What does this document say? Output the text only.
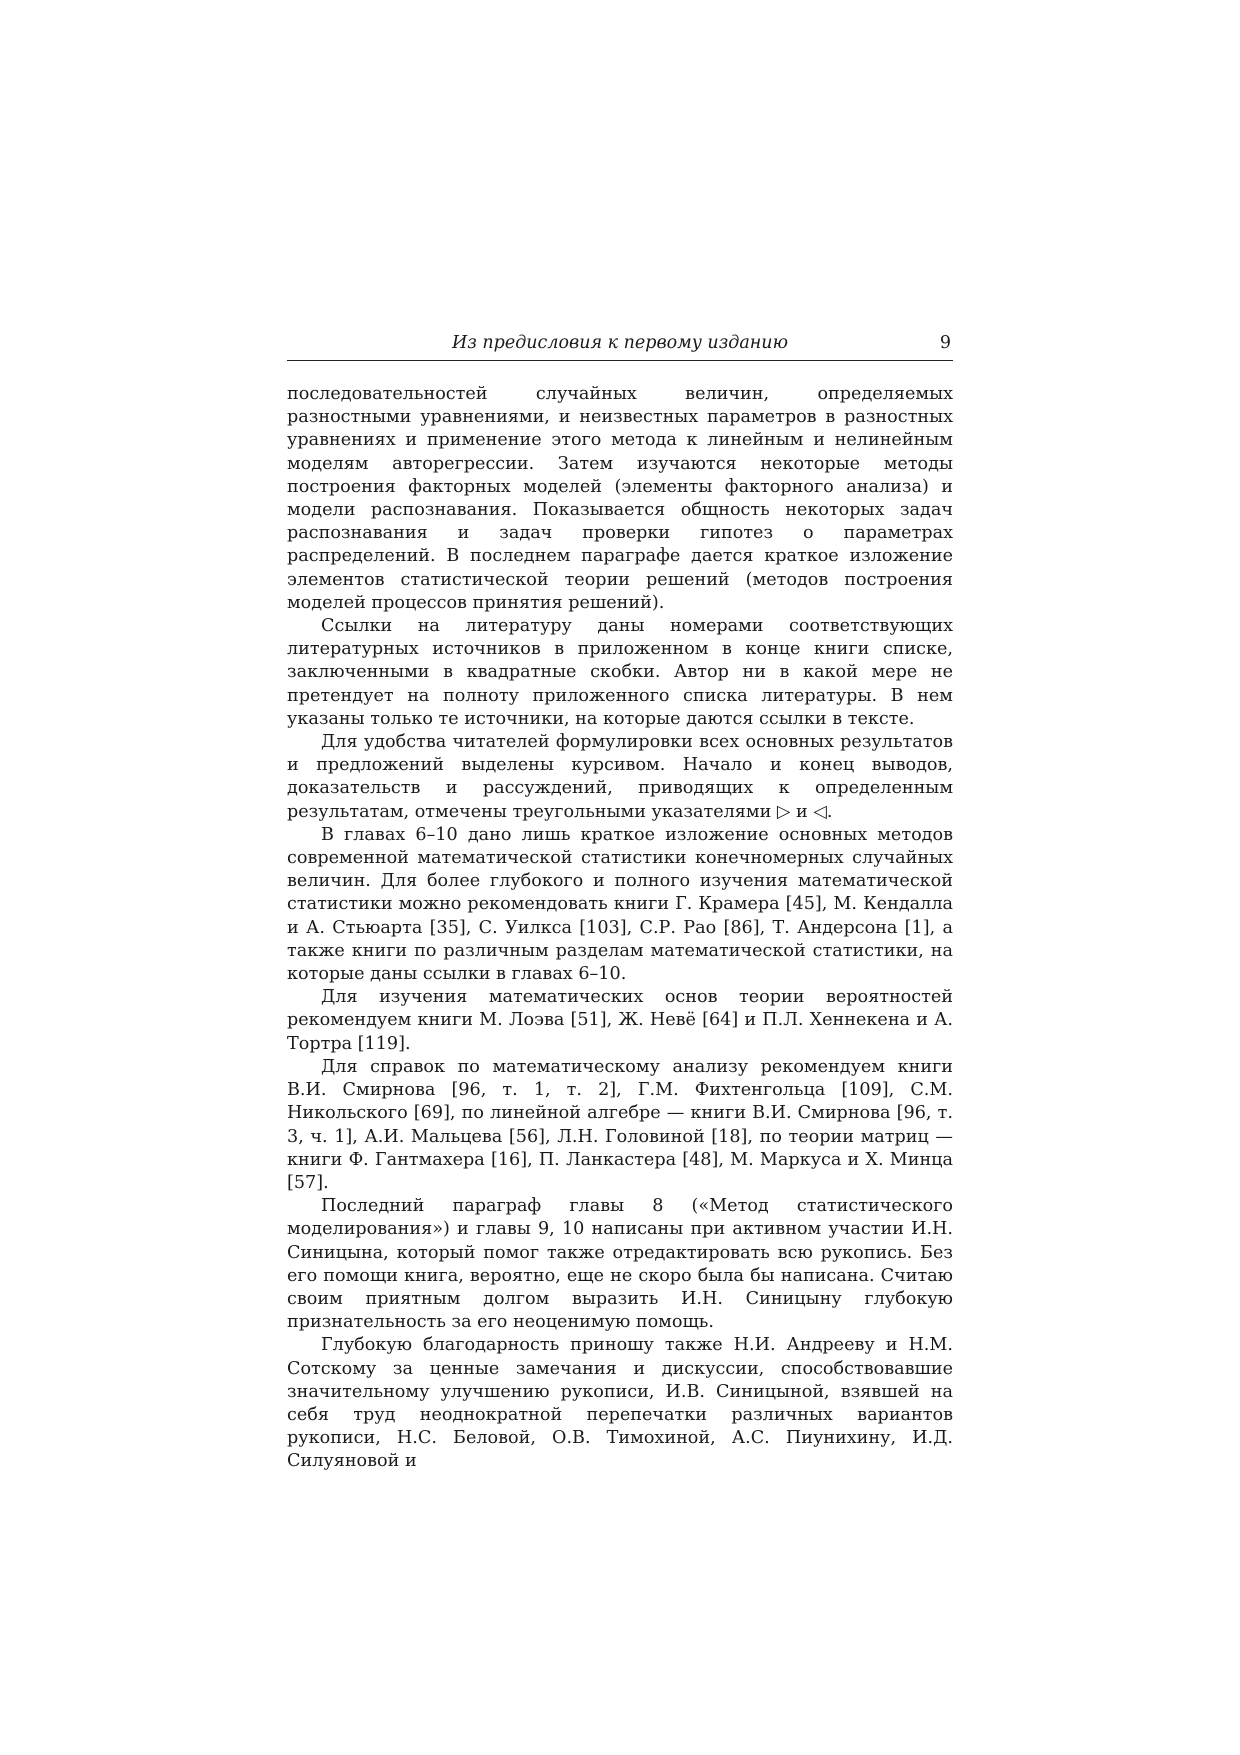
Из предисловия к первому изданию	9

последовательностей случайных величин, определяемых разностными уравнениями, и неизвестных параметров в разностных уравнениях и применение этого метода к линейным и нелинейным моделям авторегрессии. Затем изучаются некоторые методы построения факторных моделей (элементы факторного анализа) и модели распознавания. Показывается общность некоторых задач распознавания и задач проверки гипотез о параметрах распределений. В последнем параграфе дается краткое изложение элементов статистической теории решений (методов построения моделей процессов принятия решений).

Ссылки на литературу даны номерами соответствующих литературных источников в приложенном в конце книги списке, заключенными в квадратные скобки. Автор ни в какой мере не претендует на полноту приложенного списка литературы. В нем указаны только те источники, на которые даются ссылки в тексте.

Для удобства читателей формулировки всех основных результатов и предложений выделены курсивом. Начало и конец выводов, доказательств и рассуждений, приводящих к определенным результатам, отмечены треугольными указателями ▷ и ◁.

В главах 6–10 дано лишь краткое изложение основных методов современной математической статистики конечномерных случайных величин. Для более глубокого и полного изучения математической статистики можно рекомендовать книги Г. Крамера [45], М. Кендалла и А. Стьюарта [35], С. Уилкса [103], С.Р. Рао [86], Т. Андерсона [1], а также книги по различным разделам математической статистики, на которые даны ссылки в главах 6–10.

Для изучения математических основ теории вероятностей рекомендуем книги М. Лоэва [51], Ж. Невё [64] и П.Л. Хеннекена и А. Тортра [119].

Для справок по математическому анализу рекомендуем книги В.И. Смирнова [96, т. 1, т. 2], Г.М. Фихтенгольца [109], С.М. Никольского [69], по линейной алгебре — книги В.И. Смирнова [96, т. 3, ч. 1], А.И. Мальцева [56], Л.Н. Головиной [18], по теории матриц — книги Ф. Гантмахера [16], П. Ланкастера [48], М. Маркуса и Х. Минца [57].

Последний параграф главы 8 («Метод статистического моделирования») и главы 9, 10 написаны при активном участии И.Н. Синицына, который помог также отредактировать всю рукопись. Без его помощи книга, вероятно, еще не скоро была бы написана. Считаю своим приятным долгом выразить И.Н. Синицыну глубокую признательность за его неоценимую помощь.

Глубокую благодарность приношу также Н.И. Андрееву и Н.М. Сотскому за ценные замечания и дискуссии, способствовавшие значительному улучшению рукописи, И.В. Синицыной, взявшей на себя труд неоднократной перепечатки различных вариантов рукописи, Н.С. Беловой, О.В. Тимохиной, А.С. Пиунихину, И.Д. Силуяновой и
